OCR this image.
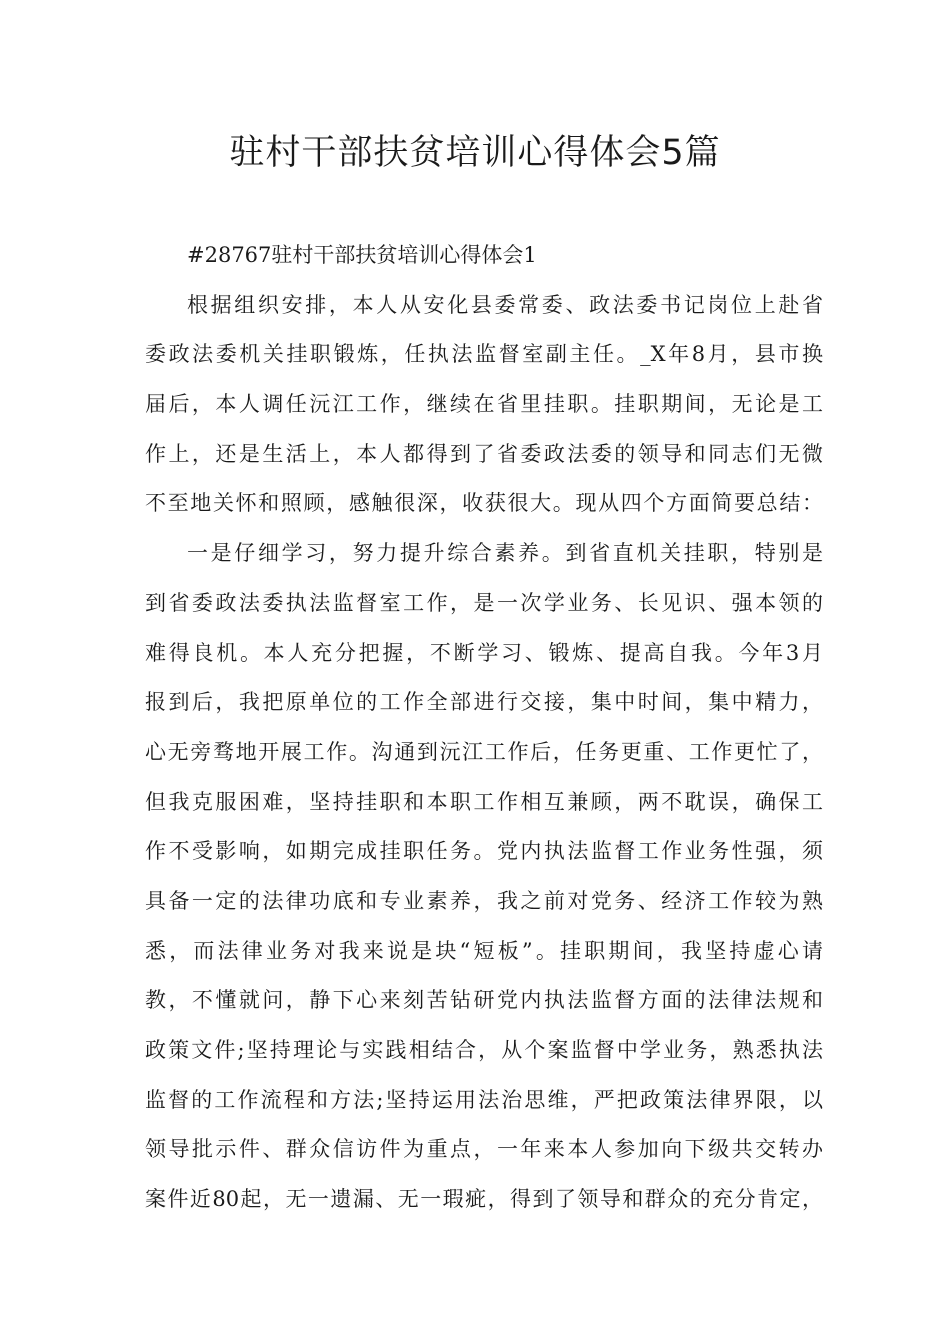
驻村干部扶贫培训心得体会5篇
#28767驻村干部扶贫培训心得体会1
根据组织安排，本人从安化县委常委、政法委书记岗位上赴省
委政法委机关挂职锻炼，任执法监督室副主任。_X年8月，县市换
届后，本人调任沅江工作，继续在省里挂职。挂职期间，无论是工
作上，还是生活上，本人都得到了省委政法委的领导和同志们无微
不至地关怀和照顾，感触很深，收获很大。现从四个方面简要总结：
一是仔细学习，努力提升综合素养。到省直机关挂职，特别是
到省委政法委执法监督室工作，是一次学业务、长见识、强本领的
难得良机。本人充分把握，不断学习、锻炼、提高自我。今年3月
报到后，我把原单位的工作全部进行交接，集中时间，集中精力，
心无旁骛地开展工作。沟通到沅江工作后，任务更重、工作更忙了，
但我克服困难，坚持挂职和本职工作相互兼顾，两不耽误，确保工
作不受影响，如期完成挂职任务。党内执法监督工作业务性强，须
具备一定的法律功底和专业素养，我之前对党务、经济工作较为熟
悉，而法律业务对我来说是块“短板”。挂职期间，我坚持虚心请
教，不懂就问，静下心来刻苦钻研党内执法监督方面的法律法规和
政策文件;坚持理论与实践相结合，从个案监督中学业务，熟悉执法
监督的工作流程和方法;坚持运用法治思维，严把政策法律界限，以
领导批示件、群众信访件为重点，一年来本人参加向下级共交转办
案件近80起，无一遗漏、无一瑕疵，得到了领导和群众的充分肯定，
